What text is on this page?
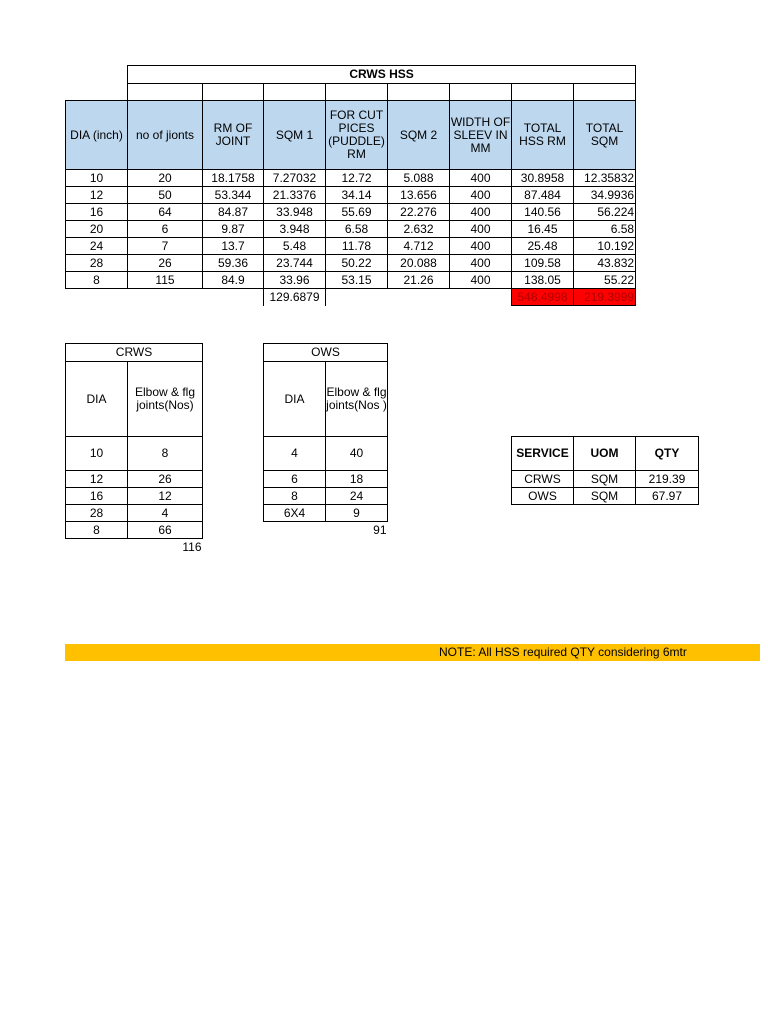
	CRWS HSS							

DIA (inch)	no of jionts	RM OF JOINT	SQM 1	FOR CUT PICES (PUDDLE) RM	SQM 2	WIDTH OF SLEEV IN MM	TOTAL HSS RM	TOTAL SQM
10	20	18.1758	7.27032	12.72	5.088	400	30.8958	12.35832
12	50	53.344	21.3376	34.14	13.656	400	87.484	34.9936
16	64	84.87	33.948	55.69	22.276	400	140.56	56.224
20	6	9.87	3.948	6.58	2.632	400	16.45	6.58
24	7	13.7	5.48	11.78	4.712	400	25.48	10.192
28	26	59.36	23.744	50.22	20.088	400	109.58	43.832
8	115	84.9	33.96	53.15	21.26	400	138.05	55.22
			129.6879				548.4998	219.3999
CRWS	
DIA	Elbow & flg joints(Nos)
10	8
12	26
16	12
28	4
8	66
	116
OWS	
DIA	Elbow & flg joints(Nos )
4	40
6	18
8	24
6X4	9
	91
SERVICE	UOM	QTY
CRWS	SQM	219.39
OWS	SQM	67.97
NOTE: All HSS required QTY considering 6mtr
